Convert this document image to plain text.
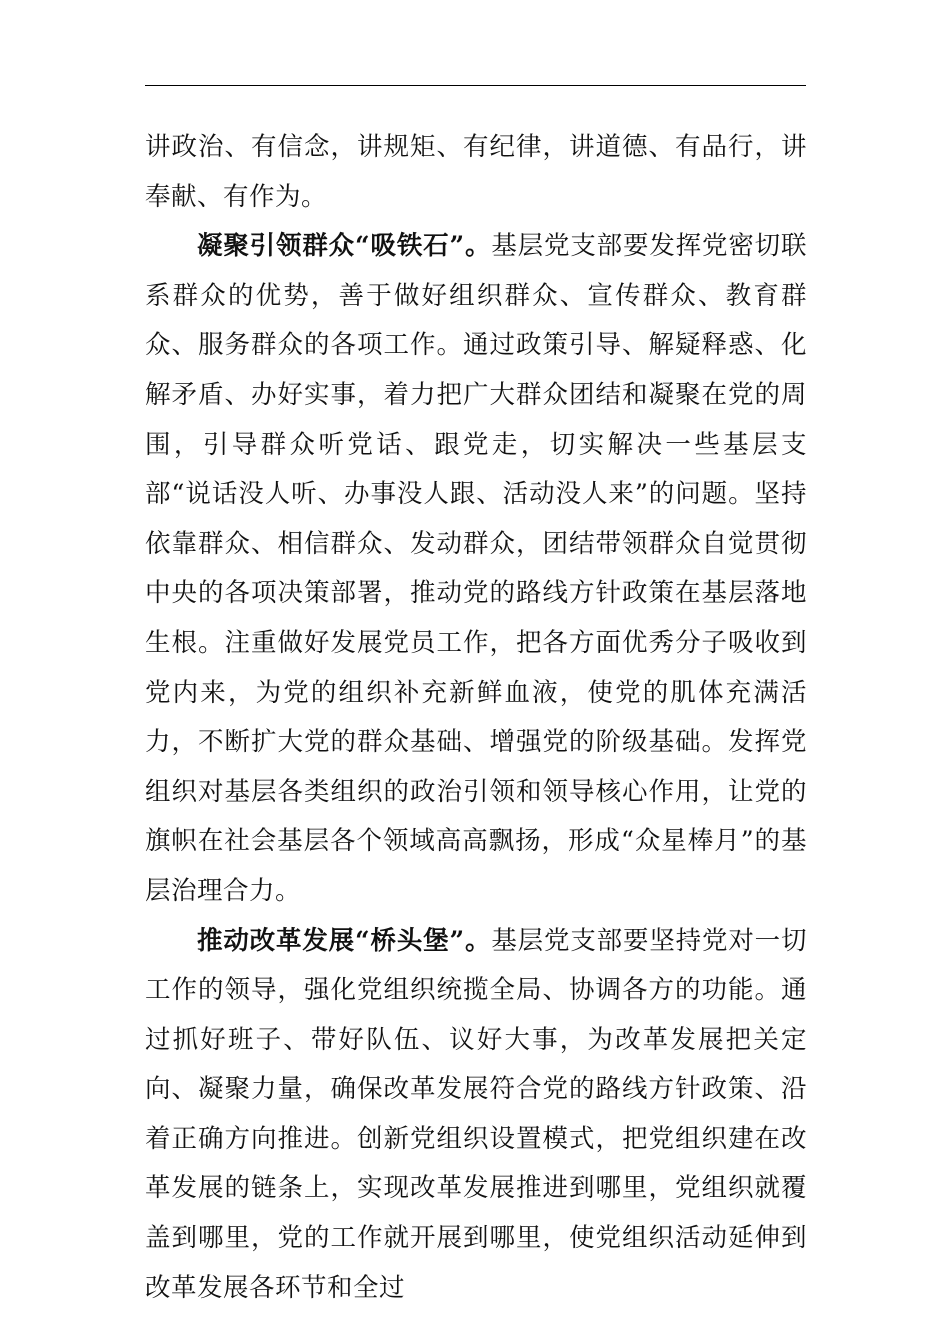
讲政治、有信念，讲规矩、有纪律，讲道德、有品行，讲奉献、有作为。

凝聚引领群众“吸铁石”。基层党支部要发挥党密切联系群众的优势，善于做好组织群众、宣传群众、教育群众、服务群众的各项工作。通过政策引导、解疑释惑、化解矛盾、办好实事，着力把广大群众团结和凝聚在党的周围，引导群众听党话、跟党走，切实解决一些基层支部“说话没人听、办事没人跟、活动没人来”的问题。坚持依靠群众、相信群众、发动群众，团结带领群众自觉贯彻中央的各项决策部署，推动党的路线方针政策在基层落地生根。注重做好发展党员工作，把各方面优秀分子吸收到党内来，为党的组织补充新鲜血液，使党的肌体充满活力，不断扩大党的群众基础、增强党的阶级基础。发挥党组织对基层各类组织的政治引领和领导核心作用，让党的旗帜在社会基层各个领域高高飘扬，形成“众星棒月”的基层治理合力。

推动改革发展“桥头堡”。基层党支部要坚持党对一切工作的领导，强化党组织统揽全局、协调各方的功能。通过抓好班子、带好队伍、议好大事，为改革发展把关定向、凝聚力量，确保改革发展符合党的路线方针政策、沿着正确方向推进。创新党组织设置模式，把党组织建在改革发展的链条上，实现改革发展推进到哪里，党组织就覆盖到哪里，党的工作就开展到哪里，使党组织活动延伸到改革发展各环节和全过
